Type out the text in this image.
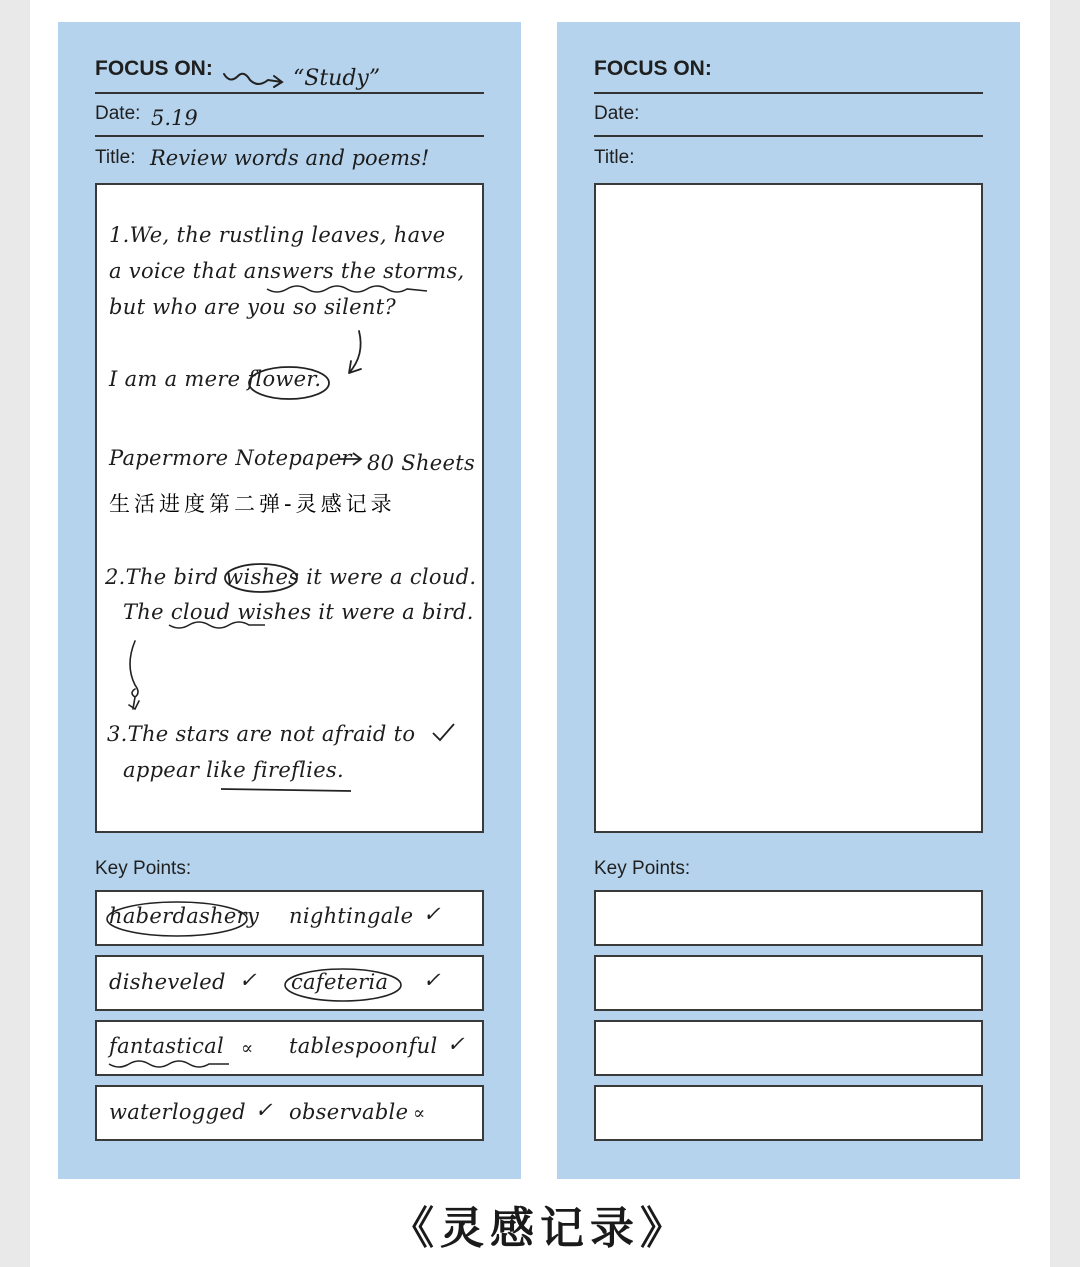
FOCUS ON:	“Study”
Date: 5.19
Title: Review words and poems!
1.We, the rustling leaves, have
a voice that answers the storms,
but who are you so silent?
I am a mere flower.
Papermore Notepaper 80 Sheets
生活进度第二弹-灵感记录
2.The bird wishes it were a cloud.
The cloud wishes it were a bird.
3.The stars are not afraid to
appear like fireflies.
Key Points:
haberdashery nightingale ✓
disheveled ✓ cafeteria ✓
fantastical ∝ tablespoonful ✓
waterlogged ✓ observable ∝
FOCUS ON:
Date:
Title:
Key Points:
《灵感记录》
